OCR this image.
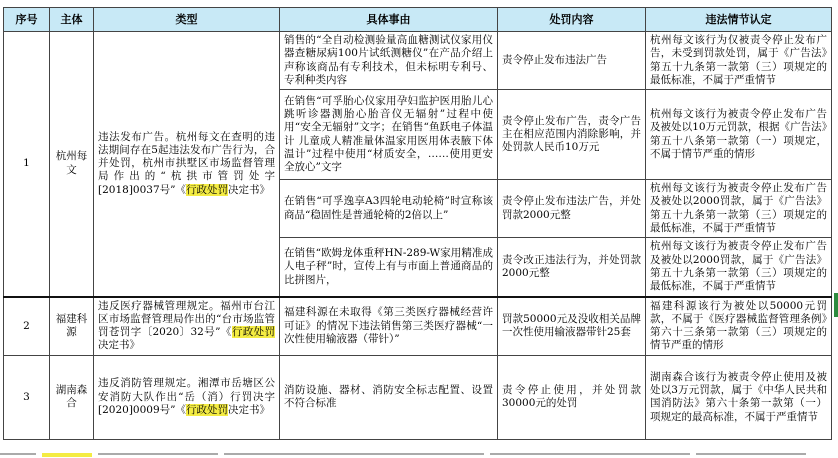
序号	主体	类型	具体事由	处罚内容	违法情节认定
1	杭州每文	违法发布广告。杭州每文在查明的违法期间存在5起违法发布广告行为，合并处罚，杭州市拱墅区市场监督管理局作出的“杭拱市管罚处字[2018]0037号”《行政处罚决定书》	销售的“全自动检测验量高血糖测试仪家用仪器查糖尿病100片试纸测糖仪”在产品介绍上声称该商品有专利技术，但未标明专利号、专利种类内容	责令停止发布违法广告	杭州每文该行为仅被责令停止发布广告，未受到罚款处罚，属于《广告法》第五十九条第一款第（三）项规定的最低标准，不属于严重情节
			在销售“可孚胎心仪家用孕妇监护医用胎儿心跳听诊器测胎心胎音仪无辐射”过程中使用“安全无辐射”文字；在销售“鱼跃电子体温计 儿童成人精准量体温家用医用体表腋下体温计”过程中使用“材质安全，……使用更安全放心”文字	责令停止发布广告，责令广告主在相应范围内消除影响，并处罚款人民币10万元	杭州每文该行为被责令停止发布广告及被处以10万元罚款，根据《广告法》第五十八条第一款第（一）项规定，不属于情节严重的情形
			在销售“可孚逸享A3四轮电动轮椅”时宣称该商品“稳固性是普通轮椅的2倍以上”	责令停止发布违法广告，并处罚款2000元整	杭州每文该行为被责令停止发布广告及被处以2000罚款，属于《广告法》第五十九条第一款第（三）项规定的最低标准，不属于严重情节
			在销售“欧姆龙体重秤HN-289-W家用精准成人电子秤”时，宣传上有与市面上普通商品的比拼图片，	责令改正违法行为，并处罚款2000元整	杭州每文该行为被责令停止发布广告及被处以2000罚款，属于《广告法》第五十九条第一款第（三）项规定的最低标准，不属于严重情节
2	福建科源	违反医疗器械管理规定。福州市台江区市场监督管理局作出的“台市场监管罚苍罚字〔2020〕32号”《行政处罚决定书》	福建科源在未取得《第三类医疗器械经营许可证》的情况下违法销售第三类医疗器械“一次性使用输液器（带针）”	罚款50000元及没收相关品牌一次性使用输液器带针25套	福建科源该行为被处以50000元罚款，不属于《医疗器械监督管理条例》第六十三条第一款第（三）项规定的情节严重的情形
3	湖南森合	违反消防管理规定。湘潭市岳塘区公安消防大队作出“岳（消）行罚决字[2020]0009号”《行政处罚决定书》	消防设施、器材、消防安全标志配置、设置不符合标准	责令停止使用，并处罚款30000元的处罚	湖南森合该行为被责令停止使用及被处以3万元罚款，属于《中华人民共和国消防法》第六十条第一款第（一）项规定的最高标准，不属于严重情节
